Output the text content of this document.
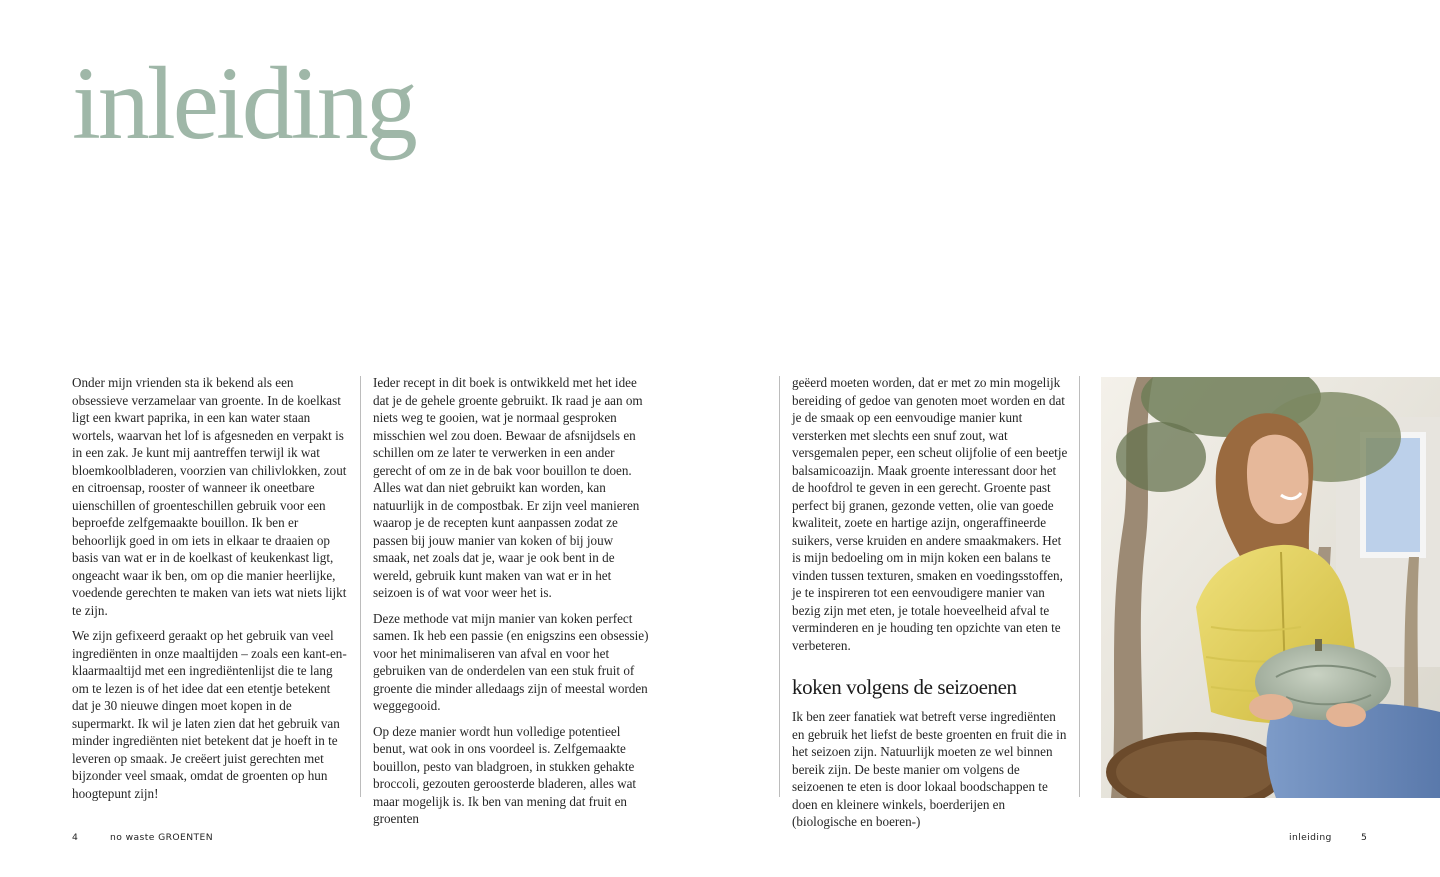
inleiding

Onder mijn vrienden sta ik bekend als een obsessieve verzamelaar van groente. In de koelkast ligt een kwart paprika, in een kan water staan wortels, waarvan het lof is afgesneden en verpakt is in een zak. Je kunt mij aantreffen terwijl ik wat bloemkoolbladeren, voorzien van chilivlokken, zout en citroensap, rooster of wanneer ik oneetbare uienschillen of groenteschillen gebruik voor een beproefde zelfgemaakte bouillon. Ik ben er behoorlijk goed in om iets in elkaar te draaien op basis van wat er in de koelkast of keukenkast ligt, ongeacht waar ik ben, om op die manier heerlijke, voedende gerechten te maken van iets wat niets lijkt te zijn.

We zijn gefixeerd geraakt op het gebruik van veel ingrediënten in onze maaltijden – zoals een kant-en-klaarmaaltijd met een ingrediëntenlijst die te lang om te lezen is of het idee dat een etentje betekent dat je 30 nieuwe dingen moet kopen in de supermarkt. Ik wil je laten zien dat het gebruik van minder ingrediënten niet betekent dat je hoeft in te leveren op smaak. Je creëert juist gerechten met bijzonder veel smaak, omdat de groenten op hun hoogtepunt zijn!

Ieder recept in dit boek is ontwikkeld met het idee dat je de gehele groente gebruikt. Ik raad je aan om niets weg te gooien, wat je normaal gesproken misschien wel zou doen. Bewaar de afsnijdsels en schillen om ze later te verwerken in een ander gerecht of om ze in de bak voor bouillon te doen. Alles wat dan niet gebruikt kan worden, kan natuurlijk in de compostbak. Er zijn veel manieren waarop je de recepten kunt aanpassen zodat ze passen bij jouw manier van koken of bij jouw smaak, net zoals dat je, waar je ook bent in de wereld, gebruik kunt maken van wat er in het seizoen is of wat voor weer het is.

Deze methode vat mijn manier van koken perfect samen. Ik heb een passie (en enigszins een obsessie) voor het minimaliseren van afval en voor het gebruiken van de onderdelen van een stuk fruit of groente die minder alledaags zijn of meestal worden weggegooid.

Op deze manier wordt hun volledige potentieel benut, wat ook in ons voordeel is. Zelfgemaakte bouillon, pesto van bladgroen, in stukken gehakte broccoli, gezouten geroosterde bladeren, alles wat maar mogelijk is. Ik ben van mening dat fruit en groenten

geëerd moeten worden, dat er met zo min mogelijk bereiding of gedoe van genoten moet worden en dat je de smaak op een eenvoudige manier kunt versterken met slechts een snuf zout, wat versgemalen peper, een scheut olijfolie of een beetje balsamicoazijn. Maak groente interessant door het de hoofdrol te geven in een gerecht. Groente past perfect bij granen, gezonde vetten, olie van goede kwaliteit, zoete en hartige azijn, ongeraffineerde suikers, verse kruiden en andere smaakmakers. Het is mijn bedoeling om in mijn koken een balans te vinden tussen texturen, smaken en voedingsstoffen, je te inspireren tot een eenvoudigere manier van bezig zijn met eten, je totale hoeveelheid afval te verminderen en je houding ten opzichte van eten te verbeteren.

koken volgens de seizoenen

Ik ben zeer fanatiek wat betreft verse ingrediënten en gebruik het liefst de beste groenten en fruit die in het seizoen zijn. Natuurlijk moeten ze wel binnen bereik zijn. De beste manier om volgens de seizoenen te eten is door lokaal boodschappen te doen en kleinere winkels, boerderijen en (biologische en boeren-)

4	no waste GROENTEN	inleiding	5
